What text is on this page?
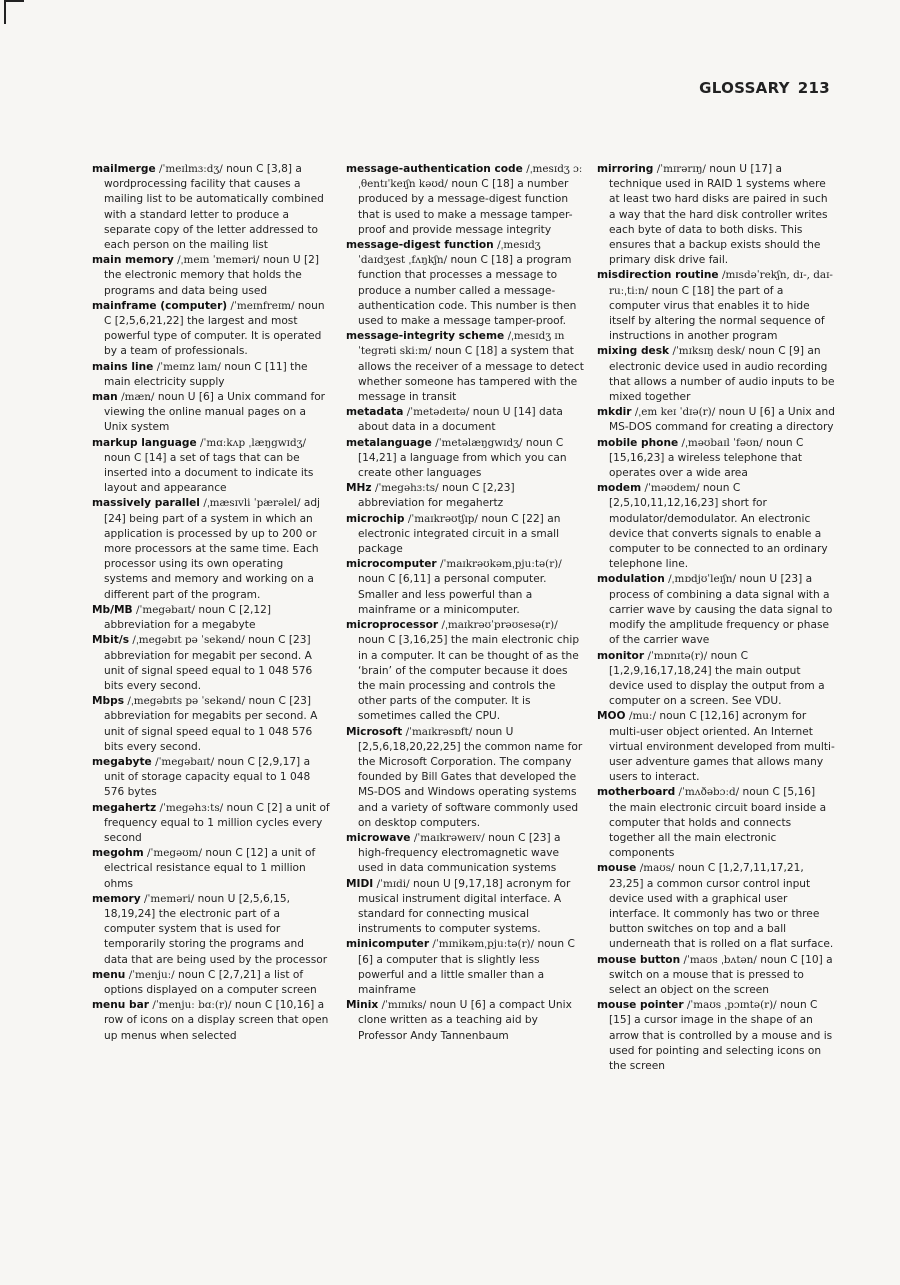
GLOSSARY 213

mailmerge /ˈmeɪlmɜːdʒ/ noun C [3,8] a wordprocessing facility that causes a mailing list to be automatically combined with a standard letter to produce a separate copy of the letter addressed to each person on the mailing list

main memory /ˌmeɪn ˈmeməri/ noun U [2] the electronic memory that holds the programs and data being used

mainframe (computer) /ˈmeɪnfreɪm/ noun C [2,5,6,21,22] the largest and most powerful type of computer. It is operated by a team of professionals.

mains line /ˈmeɪnz laɪn/ noun C [11] the main electricity supply

man /mæn/ noun U [6] a Unix command for viewing the online manual pages on a Unix system

markup language /ˈmɑːkʌp ˌlæŋgwɪdʒ/ noun C [14] a set of tags that can be inserted into a document to indicate its layout and appearance

massively parallel /ˌmæsɪvli ˈpærəlel/ adj [24] being part of a system in which an application is processed by up to 200 or more processors at the same time. Each processor using its own operating systems and memory and working on a different part of the program.

Mb/MB /ˈmegəbaɪt/ noun C [2,12] abbreviation for a megabyte

Mbit/s /ˌmegəbɪt pə ˈsekənd/ noun C [23] abbreviation for megabit per second. A unit of signal speed equal to 1 048 576 bits every second.

Mbps /ˌmegəbɪts pə ˈsekənd/ noun C [23] abbreviation for megabits per second. A unit of signal speed equal to 1 048 576 bits every second.

megabyte /ˈmegəbaɪt/ noun C [2,9,17] a unit of storage capacity equal to 1 048 576 bytes

megahertz /ˈmegəhɜːts/ noun C [2] a unit of frequency equal to 1 million cycles every second

megohm /ˈmegəʊm/ noun C [12] a unit of electrical resistance equal to 1 million ohms

memory /ˈmeməri/ noun U [2,5,6,15, 18,19,24] the electronic part of a computer system that is used for temporarily storing the programs and data that are being used by the processor

menu /ˈmenjuː/ noun C [2,7,21] a list of options displayed on a computer screen

menu bar /ˈmenjuː bɑː(r)/ noun C [10,16] a row of icons on a display screen that open up menus when selected

message-authentication code /ˌmesɪdʒ ɔːˌθentɪˈkeɪʃn kəʊd/ noun C [18] a number produced by a message-digest function that is used to make a message tamper-proof and provide message integrity

message-digest function /ˌmesɪdʒ ˈdaɪdʒest ˌfʌŋkʃn/ noun C [18] a program function that processes a message to produce a number called a message-authentication code. This number is then used to make a message tamper-proof.

message-integrity scheme /ˌmesɪdʒ ɪnˈtegrəti skiːm/ noun C [18] a system that allows the receiver of a message to detect whether someone has tampered with the message in transit

metadata /ˈmetədeɪtə/ noun U [14] data about data in a document

metalanguage /ˈmetəlæŋgwɪdʒ/ noun C [14,21] a language from which you can create other languages

MHz /ˈmegəhɜːts/ noun C [2,23] abbreviation for megahertz

microchip /ˈmaɪkrəʊtʃɪp/ noun C [22] an electronic integrated circuit in a small package

microcomputer /ˈmaɪkrəʊkəmˌpjuːtə(r)/ noun C [6,11] a personal computer. Smaller and less powerful than a mainframe or a minicomputer.

microprocessor /ˌmaɪkrəʊˈprəʊsesə(r)/ noun C [3,16,25] the main electronic chip in a computer. It can be thought of as the ‘brain’ of the computer because it does the main processing and controls the other parts of the computer. It is sometimes called the CPU.

Microsoft /ˈmaɪkrəsɒft/ noun U [2,5,6,18,20,22,25] the common name for the Microsoft Corporation. The company founded by Bill Gates that developed the MS-DOS and Windows operating systems and a variety of software commonly used on desktop computers.

microwave /ˈmaɪkrəweɪv/ noun C [23] a high-frequency electromagnetic wave used in data communication systems

MIDI /ˈmɪdi/ noun U [9,17,18] acronym for musical instrument digital interface. A standard for connecting musical instruments to computer systems.

minicomputer /ˈmɪnikəmˌpjuːtə(r)/ noun C [6] a computer that is slightly less powerful and a little smaller than a mainframe

Minix /ˈmɪnɪks/ noun U [6] a compact Unix clone written as a teaching aid by Professor Andy Tannenbaum

mirroring /ˈmɪrərɪŋ/ noun U [17] a technique used in RAID 1 systems where at least two hard disks are paired in such a way that the hard disk controller writes each byte of data to both disks. This ensures that a backup exists should the primary disk drive fail.

misdirection routine /mɪsdəˈrekʃn, dɪ-, daɪ- ruːˌtiːn/ noun C [18] the part of a computer virus that enables it to hide itself by altering the normal sequence of instructions in another program

mixing desk /ˈmɪksɪŋ desk/ noun C [9] an electronic device used in audio recording that allows a number of audio inputs to be mixed together

mkdir /ˌem keɪ ˈdɪə(r)/ noun U [6] a Unix and MS-DOS command for creating a directory

mobile phone /ˌməʊbaɪl ˈfəʊn/ noun C [15,16,23] a wireless telephone that operates over a wide area

modem /ˈməʊdem/ noun C [2,5,10,11,12,16,23] short for modulator/demodulator. An electronic device that converts signals to enable a computer to be connected to an ordinary telephone line.

modulation /ˌmɒdjʊˈleɪʃn/ noun U [23] a process of combining a data signal with a carrier wave by causing the data signal to modify the amplitude frequency or phase of the carrier wave

monitor /ˈmɒnɪtə(r)/ noun C [1,2,9,16,17,18,24] the main output device used to display the output from a computer on a screen. See VDU.

MOO /muː/ noun C [12,16] acronym for multi-user object oriented. An Internet virtual environment developed from multi-user adventure games that allows many users to interact.

motherboard /ˈmʌðəbɔːd/ noun C [5,16] the main electronic circuit board inside a computer that holds and connects together all the main electronic components

mouse /maʊs/ noun C [1,2,7,11,17,21, 23,25] a common cursor control input device used with a graphical user interface. It commonly has two or three button switches on top and a ball underneath that is rolled on a flat surface.

mouse button /ˈmaʊs ˌbʌtən/ noun C [10] a switch on a mouse that is pressed to select an object on the screen

mouse pointer /ˈmaʊs ˌpɔɪntə(r)/ noun C [15] a cursor image in the shape of an arrow that is controlled by a mouse and is used for pointing and selecting icons on the screen
